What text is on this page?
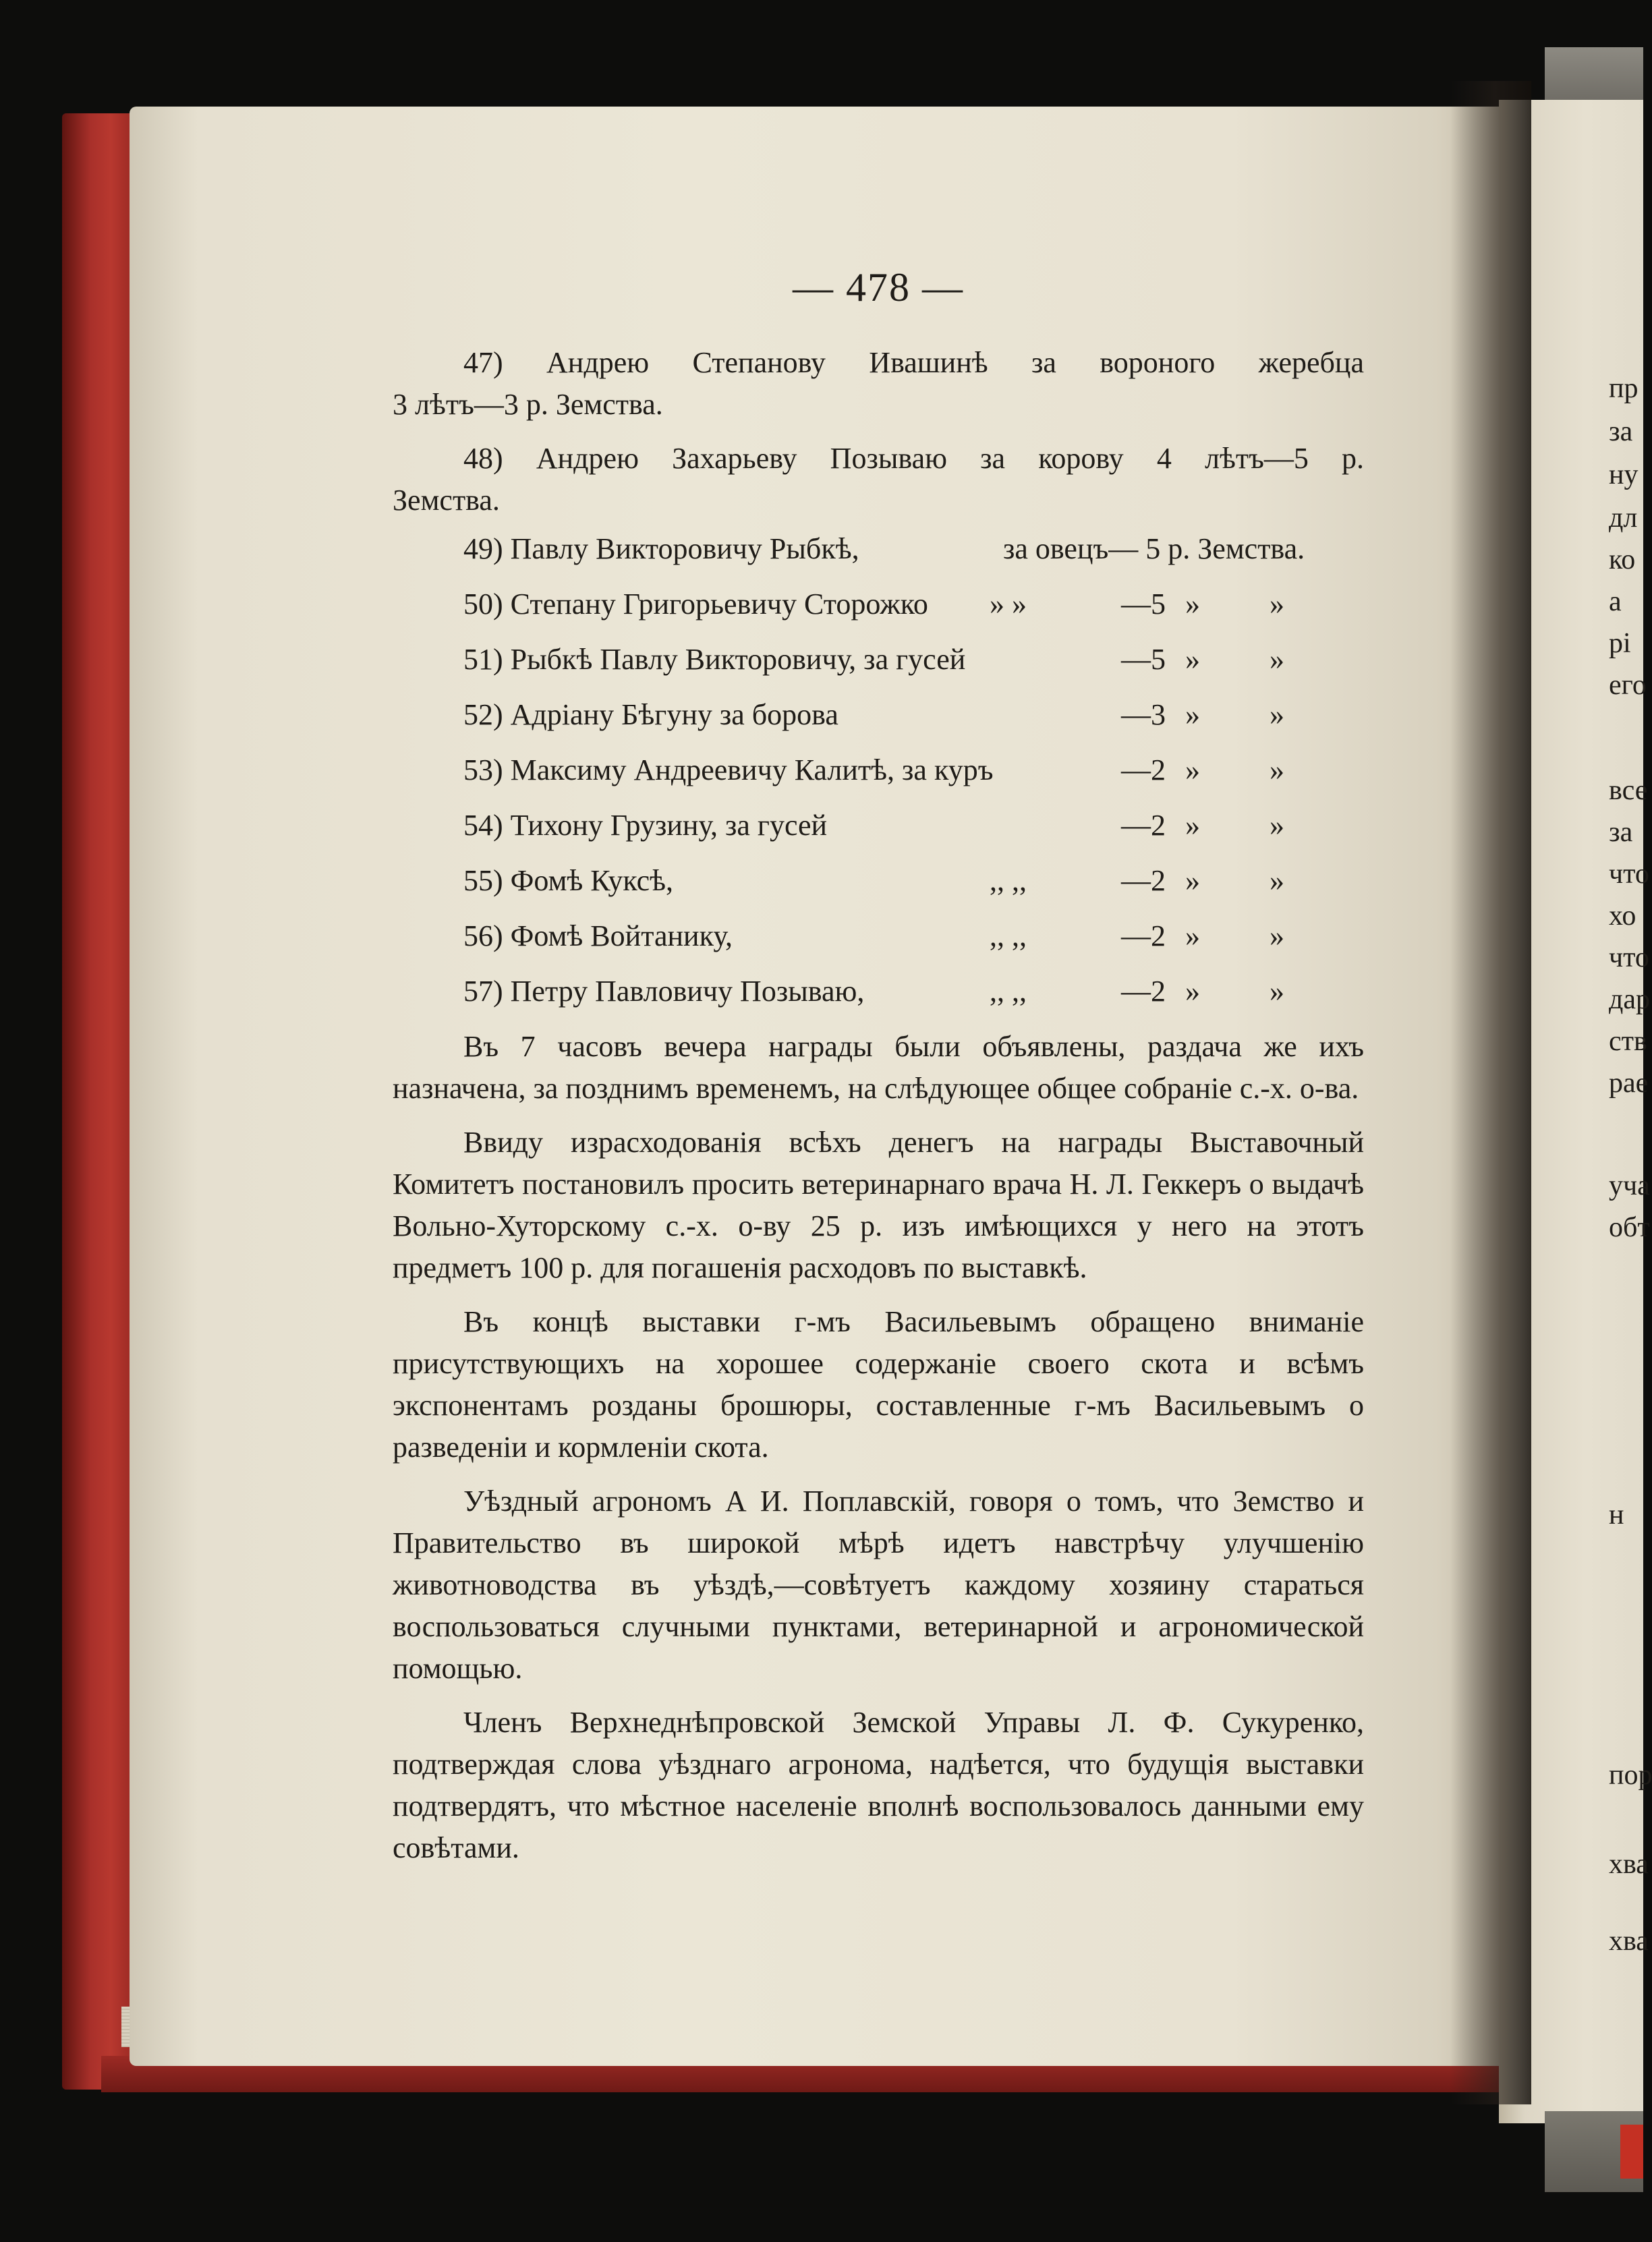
— 478 —
47) Андрею Степанову Ивашинѣ за вороного жеребца
3 лѣтъ—3 р. Земства.
48) Андрею Захарьеву Позываю за корову 4 лѣтъ—5 р.
Земства.
49) Павлу Викторовичу Рыбкѣ,	за овецъ— 5 р. Земства.
50) Степану Григорьевичу Сторожко » »	—5 » »
51) Рыбкѣ Павлу Викторовичу, за гусей	—5 » »
52) Адріану Бѣгуну за борова	—3 » »
53) Максиму Андреевичу Калитѣ, за куръ	—2 » »
54) Тихону Грузину, за гусей	—2 » »
55) Фомѣ Куксѣ,	,, ,,	—2 » »
56) Фомѣ Войтанику,	,, ,,	—2 » »
57) Петру Павловичу Позываю,	,, ,,	—2 » »

Въ 7 часовъ вечера награды были объявлены, раздача же ихъ назначена, за позднимъ временемъ, на слѣдующее общее собраніе с.-х. о-ва.

Ввиду израсходованія всѣхъ денегъ на награды Выставочный Комитетъ постановилъ просить ветеринарнаго врача Н. Л. Геккеръ о выдачѣ Вольно-Хуторскому с.-х. о-ву 25 р. изъ имѣющихся у него на этотъ предметъ 100 р. для погашенія расходовъ по выставкѣ.

Въ концѣ выставки г-мъ Васильевымъ обращено вниманіе присутствующихъ на хорошее содержаніе своего скота и всѣмъ экспонентамъ розданы брошюры, составленные г-мъ Васильевымъ о разведеніи и кормленіи скота.

Уѣздный агрономъ А И. Поплавскій, говоря о томъ, что Земство и Правительство въ широкой мѣрѣ идетъ навстрѣчу улучшенію животноводства въ уѣздѣ,—совѣтуетъ каждому хозяину стараться воспользоваться случными пунктами, ветеринарной и агрономической помощью.

Членъ Верхнеднѣпровской Земской Управы Л. Ф. Сукуренко, подтверждая слова уѣзднаго агронома, надѣется, что будущія выставки подтвердятъ, что мѣстное населеніе вполнѣ воспользовалось данными ему совѣтами.

пр
за
ну
дл
ко
а
рі
его
все
за
что
хо
что
дар
ств
рае
уча
обт
н
пор
хва
хва
